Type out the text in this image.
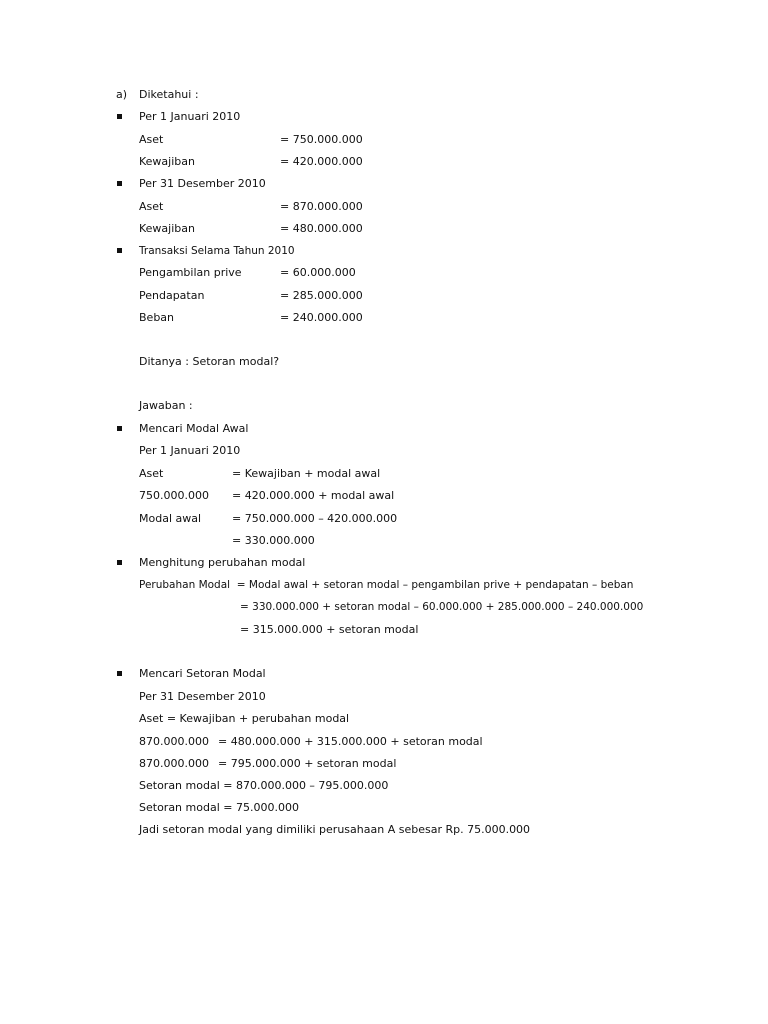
a) Diketahui :
Per 1 Januari 2010
Aset	= 750.000.000
Kewajiban	= 420.000.000
Per 31 Desember 2010
Aset	= 870.000.000
Kewajiban	= 480.000.000
Transaksi Selama Tahun 2010
Pengambilan prive	= 60.000.000
Pendapatan	= 285.000.000
Beban	= 240.000.000
Ditanya : Setoran modal?
Jawaban :
Mencari Modal Awal
Per 1 Januari 2010
Aset	= Kewajiban + modal awal
750.000.000 = 420.000.000 + modal awal
Modal awal	= 750.000.000 – 420.000.000
= 330.000.000
Menghitung perubahan modal
Perubahan Modal  = Modal awal + setoran modal – pengambilan prive + pendapatan – beban
= 330.000.000 + setoran modal – 60.000.000 + 285.000.000 – 240.000.000
= 315.000.000 + setoran modal
Mencari Setoran Modal
Per 31 Desember 2010
Aset = Kewajiban + perubahan modal
870.000.000 = 480.000.000 + 315.000.000 + setoran modal
870.000.000 = 795.000.000 + setoran modal
Setoran modal = 870.000.000 – 795.000.000
Setoran modal = 75.000.000
Jadi setoran modal yang dimiliki perusahaan A sebesar Rp. 75.000.000
